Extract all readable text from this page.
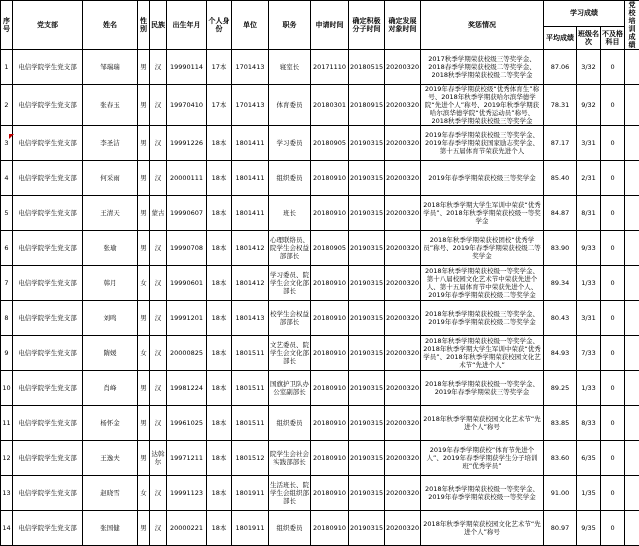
序号	党支部	姓名	性别	民族	出生年月	个人身份	单位	职务	申请时间	确定积极分子时间	确定发展对象时间	奖惩情况	学习成绩			党校培训成绩
													平均成绩	班级名次	不及格科目	
1	电信学院学生党支部	邹瑞瑞	男	汉	19990114	17本	1701413	寝室长	20171110	20180515	20200320	2017秋季学期荣获校级三等奖学金、2018春季学期荣获校级二等奖学金、2018秋季学期荣获校级二等奖学金	87.06	3/32	0	
2	电信学院学生党支部	张春玉	男	汉	19970410	17本	1701413	体育委员	20180301	20180915	20200320	2019年春季学期获校级“优秀体育生”称号、2018年秋季学期获哈尔滨华德学院“先进个人”称号、2019年秋季学期获哈尔滨华德学院“优秀运动员”称号、2018秋季学期荣获校级三等奖学金	78.31	9/32	0	
3	电信学院学生党支部	李圣洁	男	汉	19991226	18本	1801411	学习委员	20180905	20190315	20200320	2019年春季学期荣获校级三等奖学金、2019年春季学期荣获国家励志奖学金、第十五届体育节荣获先进个人	87.17	3/31	0	
4	电信学院学生党支部	何采雨	男	汉	20000111	18本	1801411	组织委员	20180910	20190315	20200320	2019年春季学期荣获校级三等奖学金	85.40	2/31	0	
5	电信学院学生党支部	王清天	男	蒙古	19990607	18本	1801411	班长	20180910	20190315	20200320	2018年秋季学期大学生军训中荣获“优秀学员”、2018年秋季学期荣获校级一等奖学金	84.87	8/31	0	
6	电信学院学生党支部	张瑜	男	汉	19990708	18本	1801412	心理联络员、院学生会权益部部长	20180905	20190315	20200320	2018年秋季学期荣获校团校“优秀学员”称号、2019年春季学期荣获校级二等奖学金	83.90	9/33	0	
7	电信学院学生党支部	韩月	女	汉	19990601	18本	1801412	学习委员、院学生会文化部部长	20180910	20190315	20200320	2018年秋季学期荣获校级一等奖学金、第十八届校园文化艺术节中荣获先进个人、第十五届体育节中荣获先进个人、2019年春季学期荣获校级二等奖学金	89.34	1/33	0	
8	电信学院学生党支部	刘鸣	男	汉	19991201	18本	1801413	校学生会权益部部长	20180910	20190315	20200320	2018年秋季学期荣获校级三等奖学金、2019年春季学期荣获校级二等奖学金	80.43	3/31	0	
9	电信学院学生党支部	隋媛	女	汉	20000825	18本	1801511	文艺委员、院学生会文化部部长	20180910	20190315	20200320	2018年秋季学期荣获校级一等奖学金、2018年秋季学期大学生军训中荣获“优秀学员”、2018年秋季学期荣获校园文化艺术节“先进个人”	84.93	7/33	0	
10	电信学院学生党支部	肖峰	男	汉	19981224	18本	1801511	国旗护卫队办公室副部长	20180910	20190315	20200320	2018年秋季学期荣获校级一等奖学金、2019年春季学期荣获三等奖学金	89.25	1/33	0	
11	电信学院学生党支部	杨怀金	男	汉	19961025	18本	1801511	组织委员	20180910	20190315	20200320	2018年秋季学期荣获校园文化艺术节“先进个人”称号	83.85	8/33	0	
12	电信学院学生党支部	王逸夫	男	达斡尔	19971211	18本	1801512	院学生会社会实践部部长	20180910	20190315	20200320	2019年春季学期获校“体育节先进个人”、2019年春季学期获学生分子培训班“优秀学员”	83.60	6/35	0	
13	电信学院学生党支部	赵晓雪	女	汉	19991123	18本	1801911	生活班长、院学生会组织部部长	20180910	20190315	20200320	2018年秋季学期荣获校级一等奖学金、2019年春季学期荣获校级一等奖学金	91.00	1/35	0	
14	电信学院学生党支部	张国健	男	汉	20000221	18本	1801911	组织委员	20180910	20190315	20200320	2018年秋季学期荣获校园文化艺术节“先进个人”称号	80.97	9/35	0	
